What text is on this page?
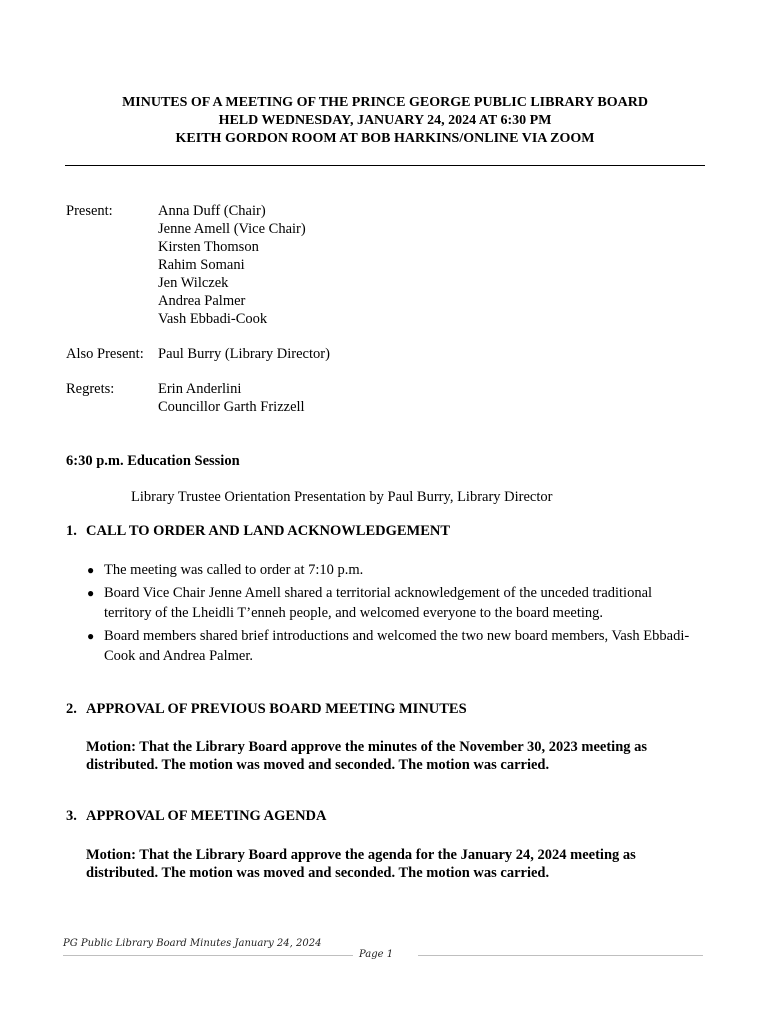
MINUTES OF A MEETING OF THE PRINCE GEORGE PUBLIC LIBRARY BOARD
HELD WEDNESDAY, JANUARY 24, 2024 AT 6:30 PM
KEITH GORDON ROOM AT BOB HARKINS/ONLINE VIA ZOOM
Present:	Anna Duff (Chair)
Jenne Amell (Vice Chair)
Kirsten Thomson
Rahim Somani
Jen Wilczek
Andrea Palmer
Vash Ebbadi-Cook
Also Present: Paul Burry (Library Director)
Regrets:	Erin Anderlini
Councillor Garth Frizzell
6:30 p.m. Education Session
Library Trustee Orientation Presentation by Paul Burry, Library Director
1. CALL TO ORDER AND LAND ACKNOWLEDGEMENT
● The meeting was called to order at 7:10 p.m.
● Board Vice Chair Jenne Amell shared a territorial acknowledgement of the unceded traditional territory of the Lheidli T’enneh people, and welcomed everyone to the board meeting.
● Board members shared brief introductions and welcomed the two new board members, Vash Ebbadi-Cook and Andrea Palmer.
2. APPROVAL OF PREVIOUS BOARD MEETING MINUTES
Motion: That the Library Board approve the minutes of the November 30, 2023 meeting as distributed. The motion was moved and seconded. The motion was carried.
3. APPROVAL OF MEETING AGENDA
Motion: That the Library Board approve the agenda for the January 24, 2024 meeting as distributed. The motion was moved and seconded. The motion was carried.
PG Public Library Board Minutes January 24, 2024
Page 1
